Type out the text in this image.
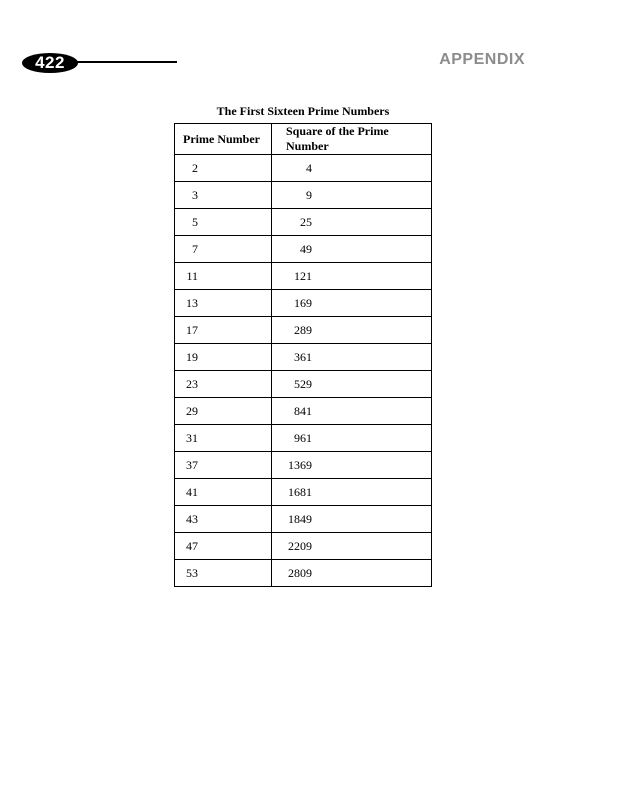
422	APPENDIX
The First Sixteen Prime Numbers
Prime Number	Square of the Prime Number
2	4
3	9
5	25
7	49
11	121
13	169
17	289
19	361
23	529
29	841
31	961
37	1369
41	1681
43	1849
47	2209
53	2809
